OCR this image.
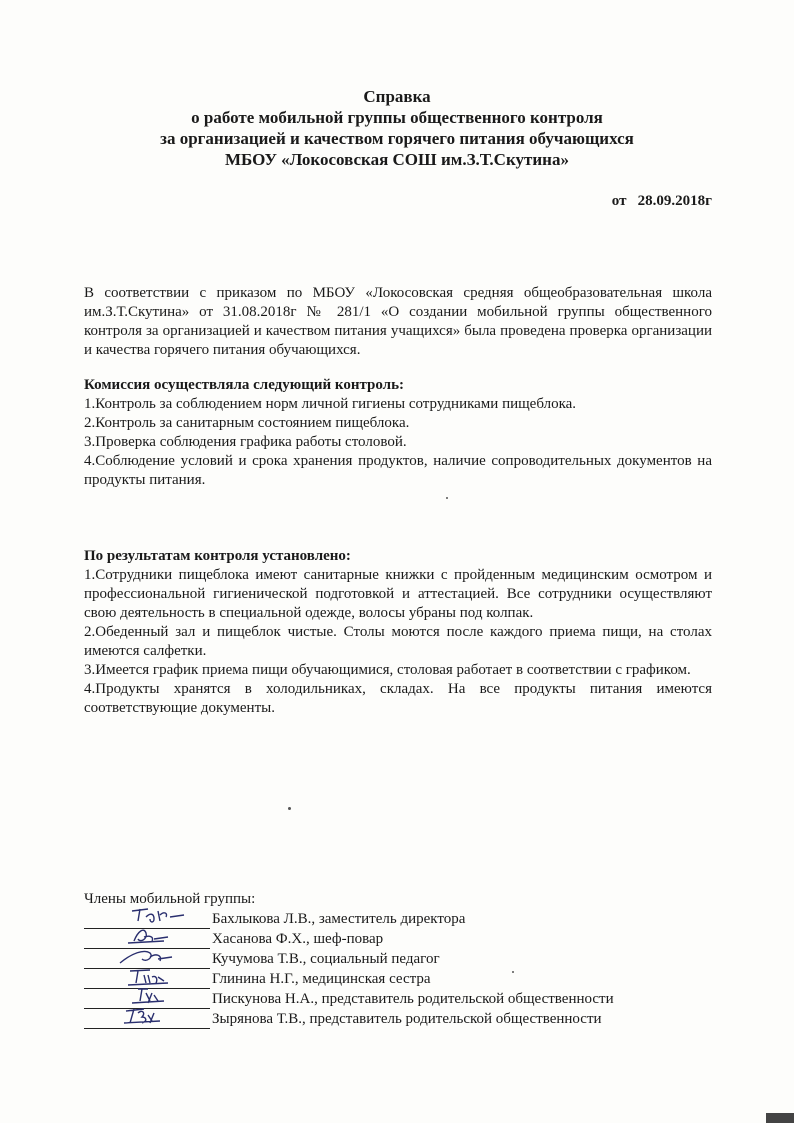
Справка
о работе мобильной группы общественного контроля
за организацией и качеством горячего питания обучающихся
МБОУ «Локосовская СОШ им.З.Т.Скутина»
от   28.09.2018г
В соответствии с приказом по МБОУ «Локосовская средняя общеобразовательная школа им.З.Т.Скутина» от 31.08.2018г № 281/1 «О создании мобильной группы общественного контроля за организацией и качеством питания учащихся» была проведена проверка организации и качества горячего питания обучающихся.
Комиссия осуществляла следующий контроль:
1.Контроль за соблюдением норм личной гигиены сотрудниками пищеблока.
2.Контроль за санитарным состоянием пищеблока.
3.Проверка соблюдения графика работы столовой.
4.Соблюдение условий и срока хранения продуктов, наличие сопроводительных документов на продукты питания.
По результатам контроля установлено:
1.Сотрудники пищеблока имеют санитарные книжки с пройденным медицинским осмотром и профессиональной гигиенической подготовкой и аттестацией. Все сотрудники осуществляют свою деятельность в специальной одежде, волосы убраны под колпак.
2.Обеденный зал и пищеблок чистые. Столы моются после каждого приема пищи, на столах имеются салфетки.
3.Имеется график приема пищи обучающимися, столовая работает в соответствии с графиком.
4.Продукты хранятся в холодильниках, складах. На все продукты питания имеются соответствующие документы.
Члены мобильной группы:
Бахлыкова Л.В., заместитель директора
Хасанова Ф.Х., шеф-повар
Кучумова Т.В., социальный педагог
Глинина Н.Г., медицинская сестра
Пискунова Н.А., представитель родительской общественности
Зырянова Т.В., представитель родительской общественности
